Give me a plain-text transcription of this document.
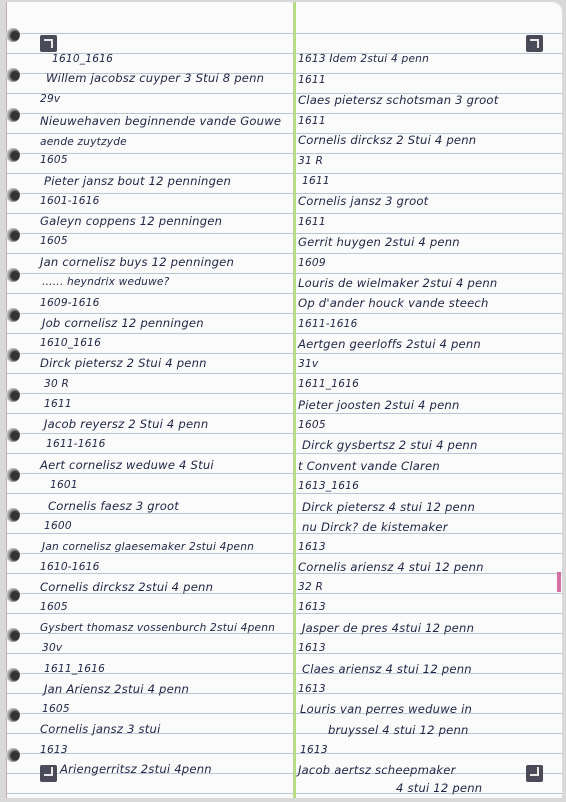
1610_1616
Willem jacobsz cuyper 3 Stui 8 penn
29v
Nieuwehaven beginnende vande Gouwe
aende zuytzyde
1605
Pieter jansz bout 12 penningen
1601-1616
Galeyn coppens 12 penningen
1605
Jan cornelisz buys 12 penningen
...... heyndrix weduwe?
1609-1616
Job cornelisz 12 penningen
1610_1616
Dirck pietersz 2 Stui 4 penn
30 R
1611
Jacob reyersz 2 Stui 4 penn
1611-1616
Aert cornelisz weduwe 4 Stui
1601
Cornelis faesz 3 groot
1600
Jan cornelisz glaesemaker 2stui 4penn
1610-1616
Cornelis dircksz 2stui 4 penn
1605
Gysbert thomasz vossenburch 2stui 4penn
30v
1611_1616
Jan Ariensz 2stui 4 penn
1605
Cornelis jansz 3 stui
1613
Ariengerritsz 2stui 4penn
1613 Idem 2stui 4 penn
1611
Claes pietersz schotsman 3 groot
1611
Cornelis dircksz 2 Stui 4 penn
31 R
1611
Cornelis jansz 3 groot
1611
Gerrit huygen 2stui 4 penn
1609
Louris de wielmaker 2stui 4 penn
Op d'ander houck vande steech
1611-1616
Aertgen geerloffs 2stui 4 penn
31v
1611_1616
Pieter joosten 2stui 4 penn
1605
Dirck gysbertsz 2 stui 4 penn
t Convent vande Claren
1613_1616
Dirck pietersz 4 stui 12 penn
nu Dirck? de kistemaker
1613
Cornelis ariensz 4 stui 12 penn
32 R
1613
Jasper de pres 4stui 12 penn
1613
Claes ariensz 4 stui 12 penn
1613
Louris van perres weduwe in
bruyssel 4 stui 12 penn
1613
Jacob aertsz scheepmaker
4 stui 12 penn
